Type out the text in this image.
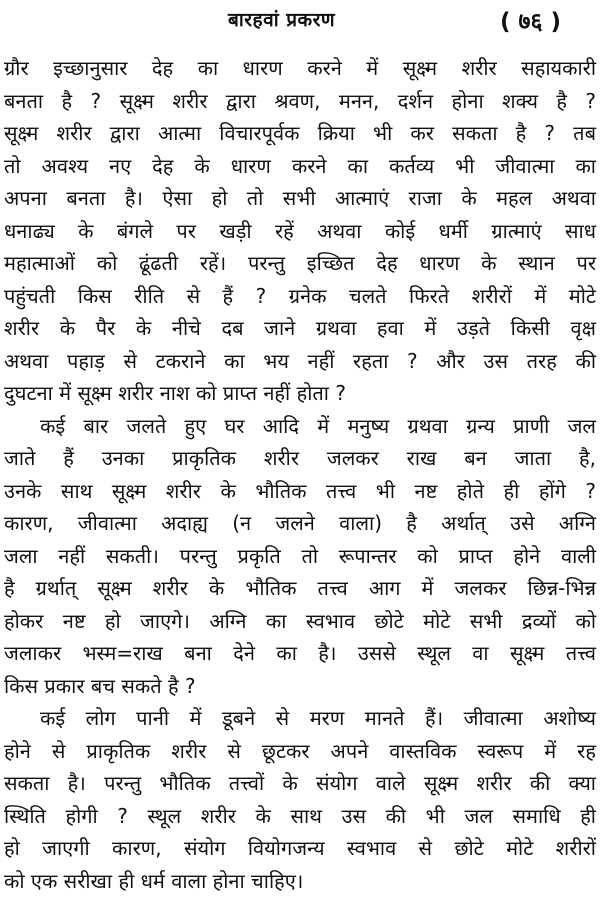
बारहवां प्रकरण	( ७६ )
ग्रौर इच्छानुसार देह का धारण करने में सूक्ष्म शरीर सहायकारी
बनता है ? सूक्ष्म शरीर द्वारा श्रवण, मनन, दर्शन होना शक्य है ?
सूक्ष्म शरीर द्वारा आत्मा विचारपूर्वक क्रिया भी कर सकता है ? तब
तो अवश्य नए देह के धारण करने का कर्तव्य भी जीवात्मा का
अपना बनता है। ऐसा हो तो सभी आत्माएं राजा के महल अथवा
धनाढ्य के बंगले पर खड़ी रहें अथवा कोई धर्मी ग्रात्माएं साध
महात्माओं को ढूंढती रहें। परन्तु इच्छित देह धारण के स्थान पर
पहुंचती किस रीति से हैं ? ग्रनेक चलते फिरते शरीरों में मोटे
शरीर के पैर के नीचे दब जाने ग्रथवा हवा में उड़ते किसी वृक्ष
अथवा पहाड़ से टकराने का भय नहीं रहता ? और उस तरह की
दुघटना में सूक्ष्म शरीर नाश को प्राप्त नहीं होता ?
कई बार जलते हुए घर आदि में मनुष्य ग्रथवा ग्रन्य प्राणी जल
जाते हैं उनका प्राकृतिक शरीर जलकर राख बन जाता है,
उनके साथ सूक्ष्म शरीर के भौतिक तत्त्व भी नष्ट होते ही होंगे ?
कारण, जीवात्मा अदाह्य (न जलने वाला) है अर्थात् उसे अग्नि
जला नहीं सकती। परन्तु प्रकृति तो रूपान्तर को प्राप्त होने वाली
है ग्रर्थात् सूक्ष्म शरीर के भौतिक तत्त्व आग में जलकर छिन्न-भिन्न
होकर नष्ट हो जाएगे। अग्नि का स्वभाव छोटे मोटे सभी द्रव्यों को
जलाकर भस्म=राख बना देने का है। उससे स्थूल वा सूक्ष्म तत्त्व
किस प्रकार बच सकते है ?
कई लोग पानी में डूबने से मरण मानते हैं। जीवात्मा अशोष्य
होने से प्राकृतिक शरीर से छूटकर अपने वास्तविक स्वरूप में रह
सकता है। परन्तु भौतिक तत्त्वों के संयोग वाले सूक्ष्म शरीर की क्या
स्थिति होगी ? स्थूल शरीर के साथ उस की भी जल समाधि ही
हो जाएगी कारण, संयोग वियोगजन्य स्वभाव से छोटे मोटे शरीरों
को एक सरीखा ही धर्म वाला होना चाहिए।
